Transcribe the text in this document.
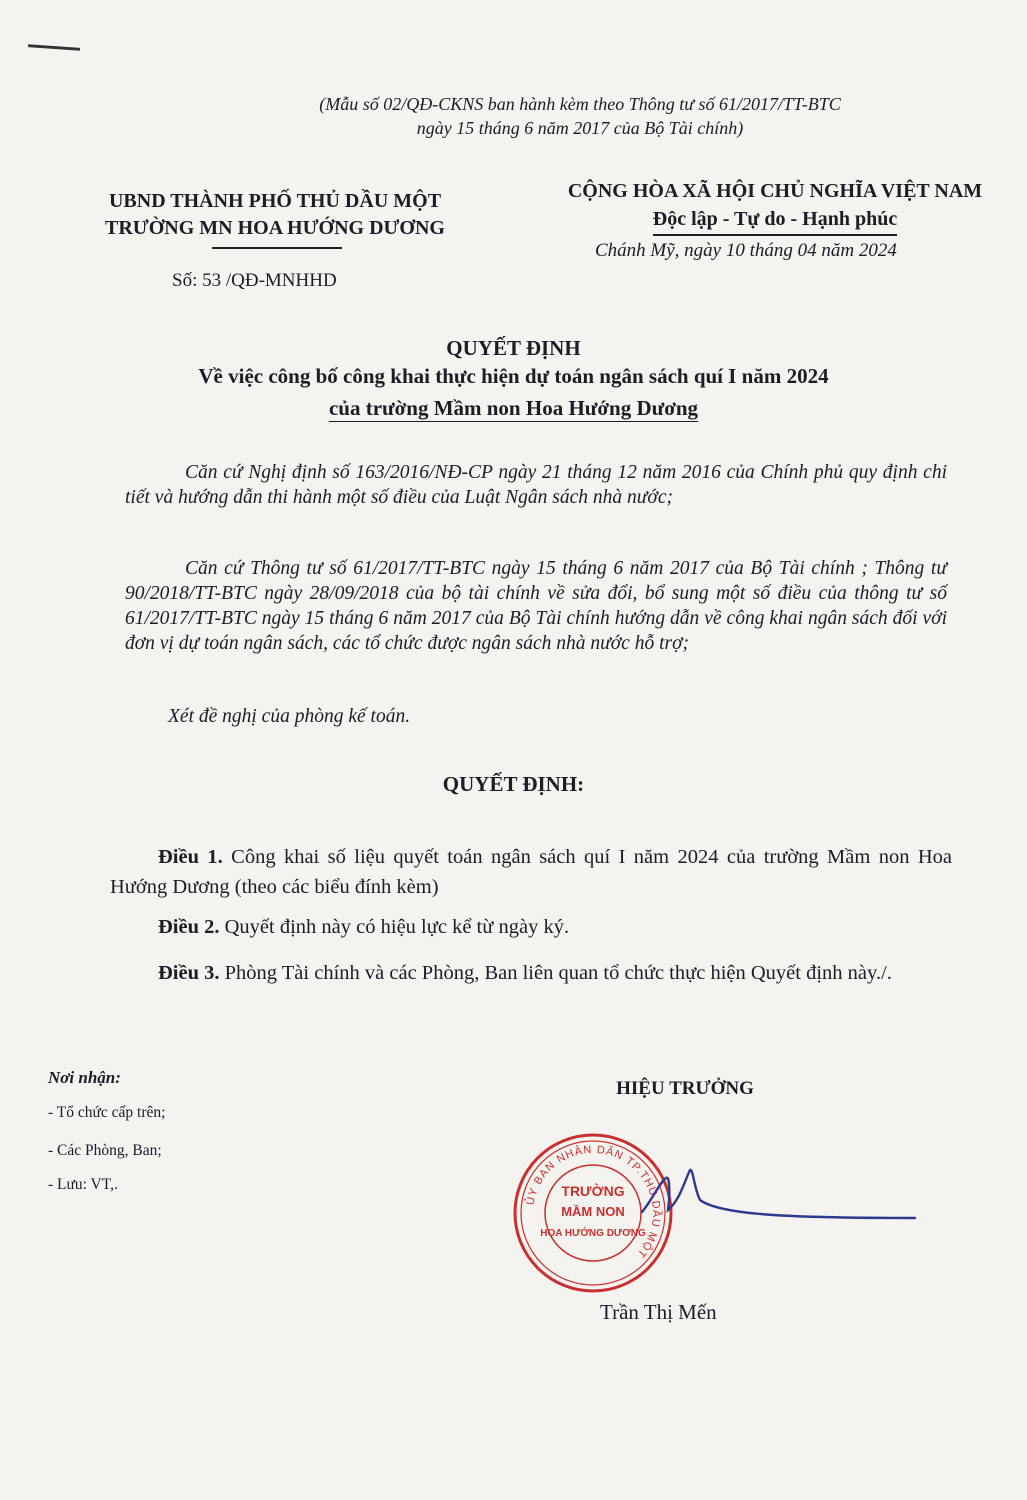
(Mẫu số 02/QĐ-CKNS ban hành kèm theo Thông tư số 61/2017/TT-BTC
ngày 15 tháng 6 năm 2017 của Bộ Tài chính)
UBND THÀNH PHỐ THỦ DẦU MỘT
TRƯỜNG MN HOA HƯỚNG DƯƠNG
CỘNG HÒA XÃ HỘI CHỦ NGHĨA VIỆT NAM
Độc lập - Tự do - Hạnh phúc
Số: 53 /QĐ-MNHHD
Chánh Mỹ, ngày 10 tháng 04 năm 2024
QUYẾT ĐỊNH
Về việc công bố công khai thực hiện dự toán ngân sách quí I năm 2024
của trường Mầm non Hoa Hướng Dương
Căn cứ Nghị định số 163/2016/NĐ-CP ngày 21 tháng 12 năm 2016 của Chính phủ quy định chi tiết và hướng dẫn thi hành một số điều của Luật Ngân sách nhà nước;
Căn cứ Thông tư số 61/2017/TT-BTC ngày 15 tháng 6 năm 2017 của Bộ Tài chính ; Thông tư 90/2018/TT-BTC ngày 28/09/2018 của bộ tài chính về sửa đổi, bổ sung một số điều của thông tư số 61/2017/TT-BTC ngày 15 tháng 6 năm 2017 của Bộ Tài chính hướng dẫn về công khai ngân sách đối với đơn vị dự toán ngân sách, các tổ chức được ngân sách nhà nước hỗ trợ;
Xét đề nghị của phòng kế toán.
QUYẾT ĐỊNH:
Điều 1. Công khai số liệu quyết toán ngân sách quí I năm 2024 của trường Mầm non Hoa Hướng Dương (theo các biểu đính kèm)
Điều 2. Quyết định này có hiệu lực kể từ ngày ký.
Điều 3. Phòng Tài chính và các Phòng, Ban liên quan tổ chức thực hiện Quyết định này./.
Nơi nhận:
- Tổ chức cấp trên;
- Các Phòng, Ban;
- Lưu: VT,.
HIỆU TRƯỞNG
ỦY BAN NHÂN DÂN TP.THỦ DẦU MỘT
TRƯỜNG
MẦM NON
HOA HƯỚNG DƯƠNG
Trần Thị Mến
